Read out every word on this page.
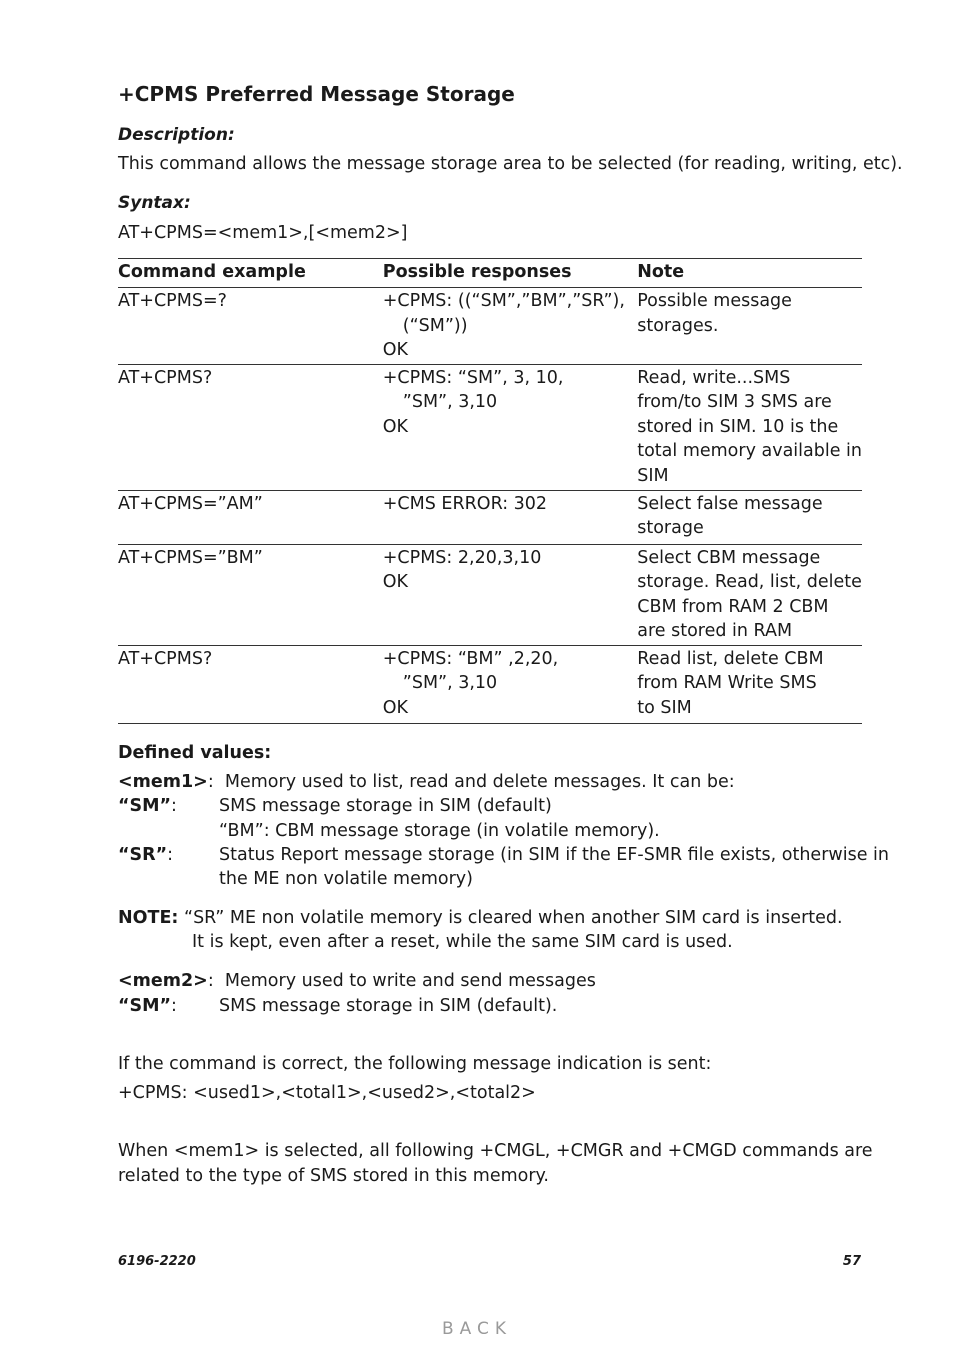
+CPMS Preferred Message Storage
Description:
This command allows the message storage area to be selected (for reading, writing, etc).
Syntax:
AT+CPMS=<mem1>,[<mem2>]
Command example	Possible responses	Note
AT+CPMS=?	+CPMS: ((“SM”,”BM”,”SR”),
(“SM”))
OK	Possible message
storages.

AT+CPMS?	+CPMS: “SM”, 3, 10,
”SM”, 3,10
OK	Read, write...SMS
from/to SIM 3 SMS are
stored in SIM. 10 is the
total memory available in
SIM

AT+CPMS=”AM”	+CMS ERROR: 302	Select false message
storage

AT+CPMS=”BM”	+CPMS: 2,20,3,10
OK	Select CBM message
storage. Read, list, delete
CBM from RAM 2 CBM
are stored in RAM

AT+CPMS?	+CPMS: “BM” ,2,20,
”SM”, 3,10
OK	Read list, delete CBM
from RAM Write SMS
to SIM
Defined values:
<mem1>:  Memory used to list, read and delete messages. It can be:
“SM”: SMS message storage in SIM (default)
“BM”: CBM message storage (in volatile memory).
“SR”:	Status Report message storage (in SIM if the EF-SMR file exists, otherwise in
the ME non volatile memory)
NOTE: “SR” ME non volatile memory is cleared when another SIM card is inserted.
It is kept, even after a reset, while the same SIM card is used.
<mem2>:  Memory used to write and send messages
“SM”: SMS message storage in SIM (default).
If the command is correct, the following message indication is sent:
+CPMS: <used1>,<total1>,<used2>,<total2>
When <mem1> is selected, all following +CMGL, +CMGR and +CMGD commands are
related to the type of SMS stored in this memory.
6196-2220	57
BACK
